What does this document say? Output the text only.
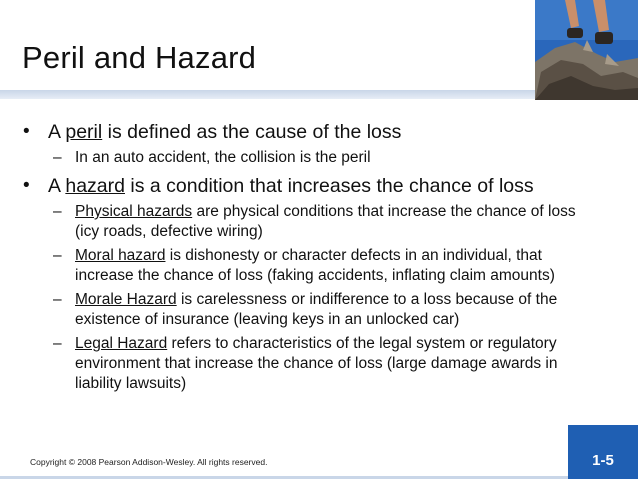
Peril and Hazard
• A peril is defined as the cause of the loss
– In an auto accident, the collision is the peril
• A hazard is a condition that increases the chance of loss
– Physical hazards are physical conditions that increase the chance of loss (icy roads, defective wiring)
– Moral hazard is dishonesty or character defects in an individual, that increase the chance of loss (faking accidents, inflating claim amounts)
– Morale Hazard is carelessness or indifference to a loss because of the existence of insurance (leaving keys in an unlocked car)
– Legal Hazard refers to characteristics of the legal system or regulatory environment that increase the chance of loss (large damage awards in liability lawsuits)
Copyright © 2008 Pearson Addison-Wesley. All rights reserved.	1-5
